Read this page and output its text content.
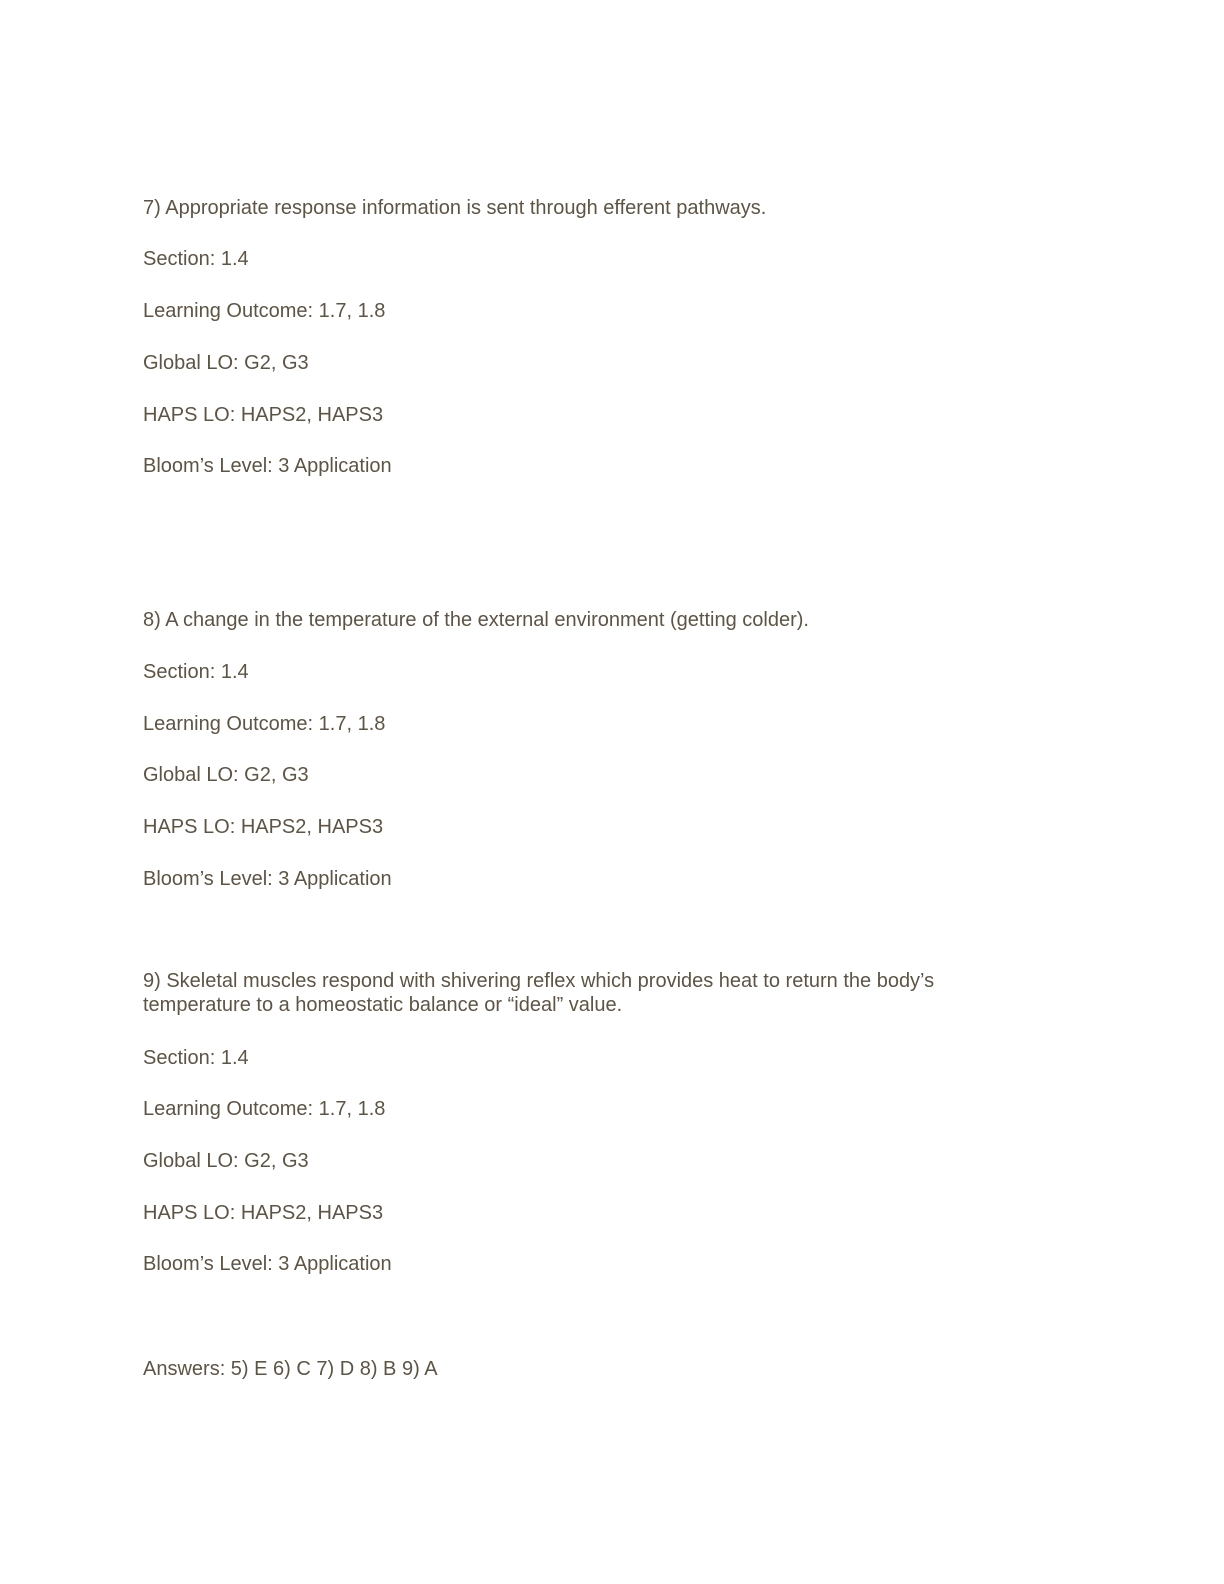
7) Appropriate response information is sent through efferent pathways.
Section: 1.4
Learning Outcome: 1.7, 1.8
Global LO: G2, G3
HAPS LO: HAPS2, HAPS3
Bloom’s Level: 3 Application
8) A change in the temperature of the external environment (getting colder).
Section: 1.4
Learning Outcome: 1.7, 1.8
Global LO: G2, G3
HAPS LO: HAPS2, HAPS3
Bloom’s Level: 3 Application
9) Skeletal muscles respond with shivering reflex which provides heat to return the body’s temperature to a homeostatic balance or “ideal” value.
Section: 1.4
Learning Outcome: 1.7, 1.8
Global LO: G2, G3
HAPS LO: HAPS2, HAPS3
Bloom’s Level: 3 Application
Answers: 5) E 6) C 7) D 8) B 9) A
